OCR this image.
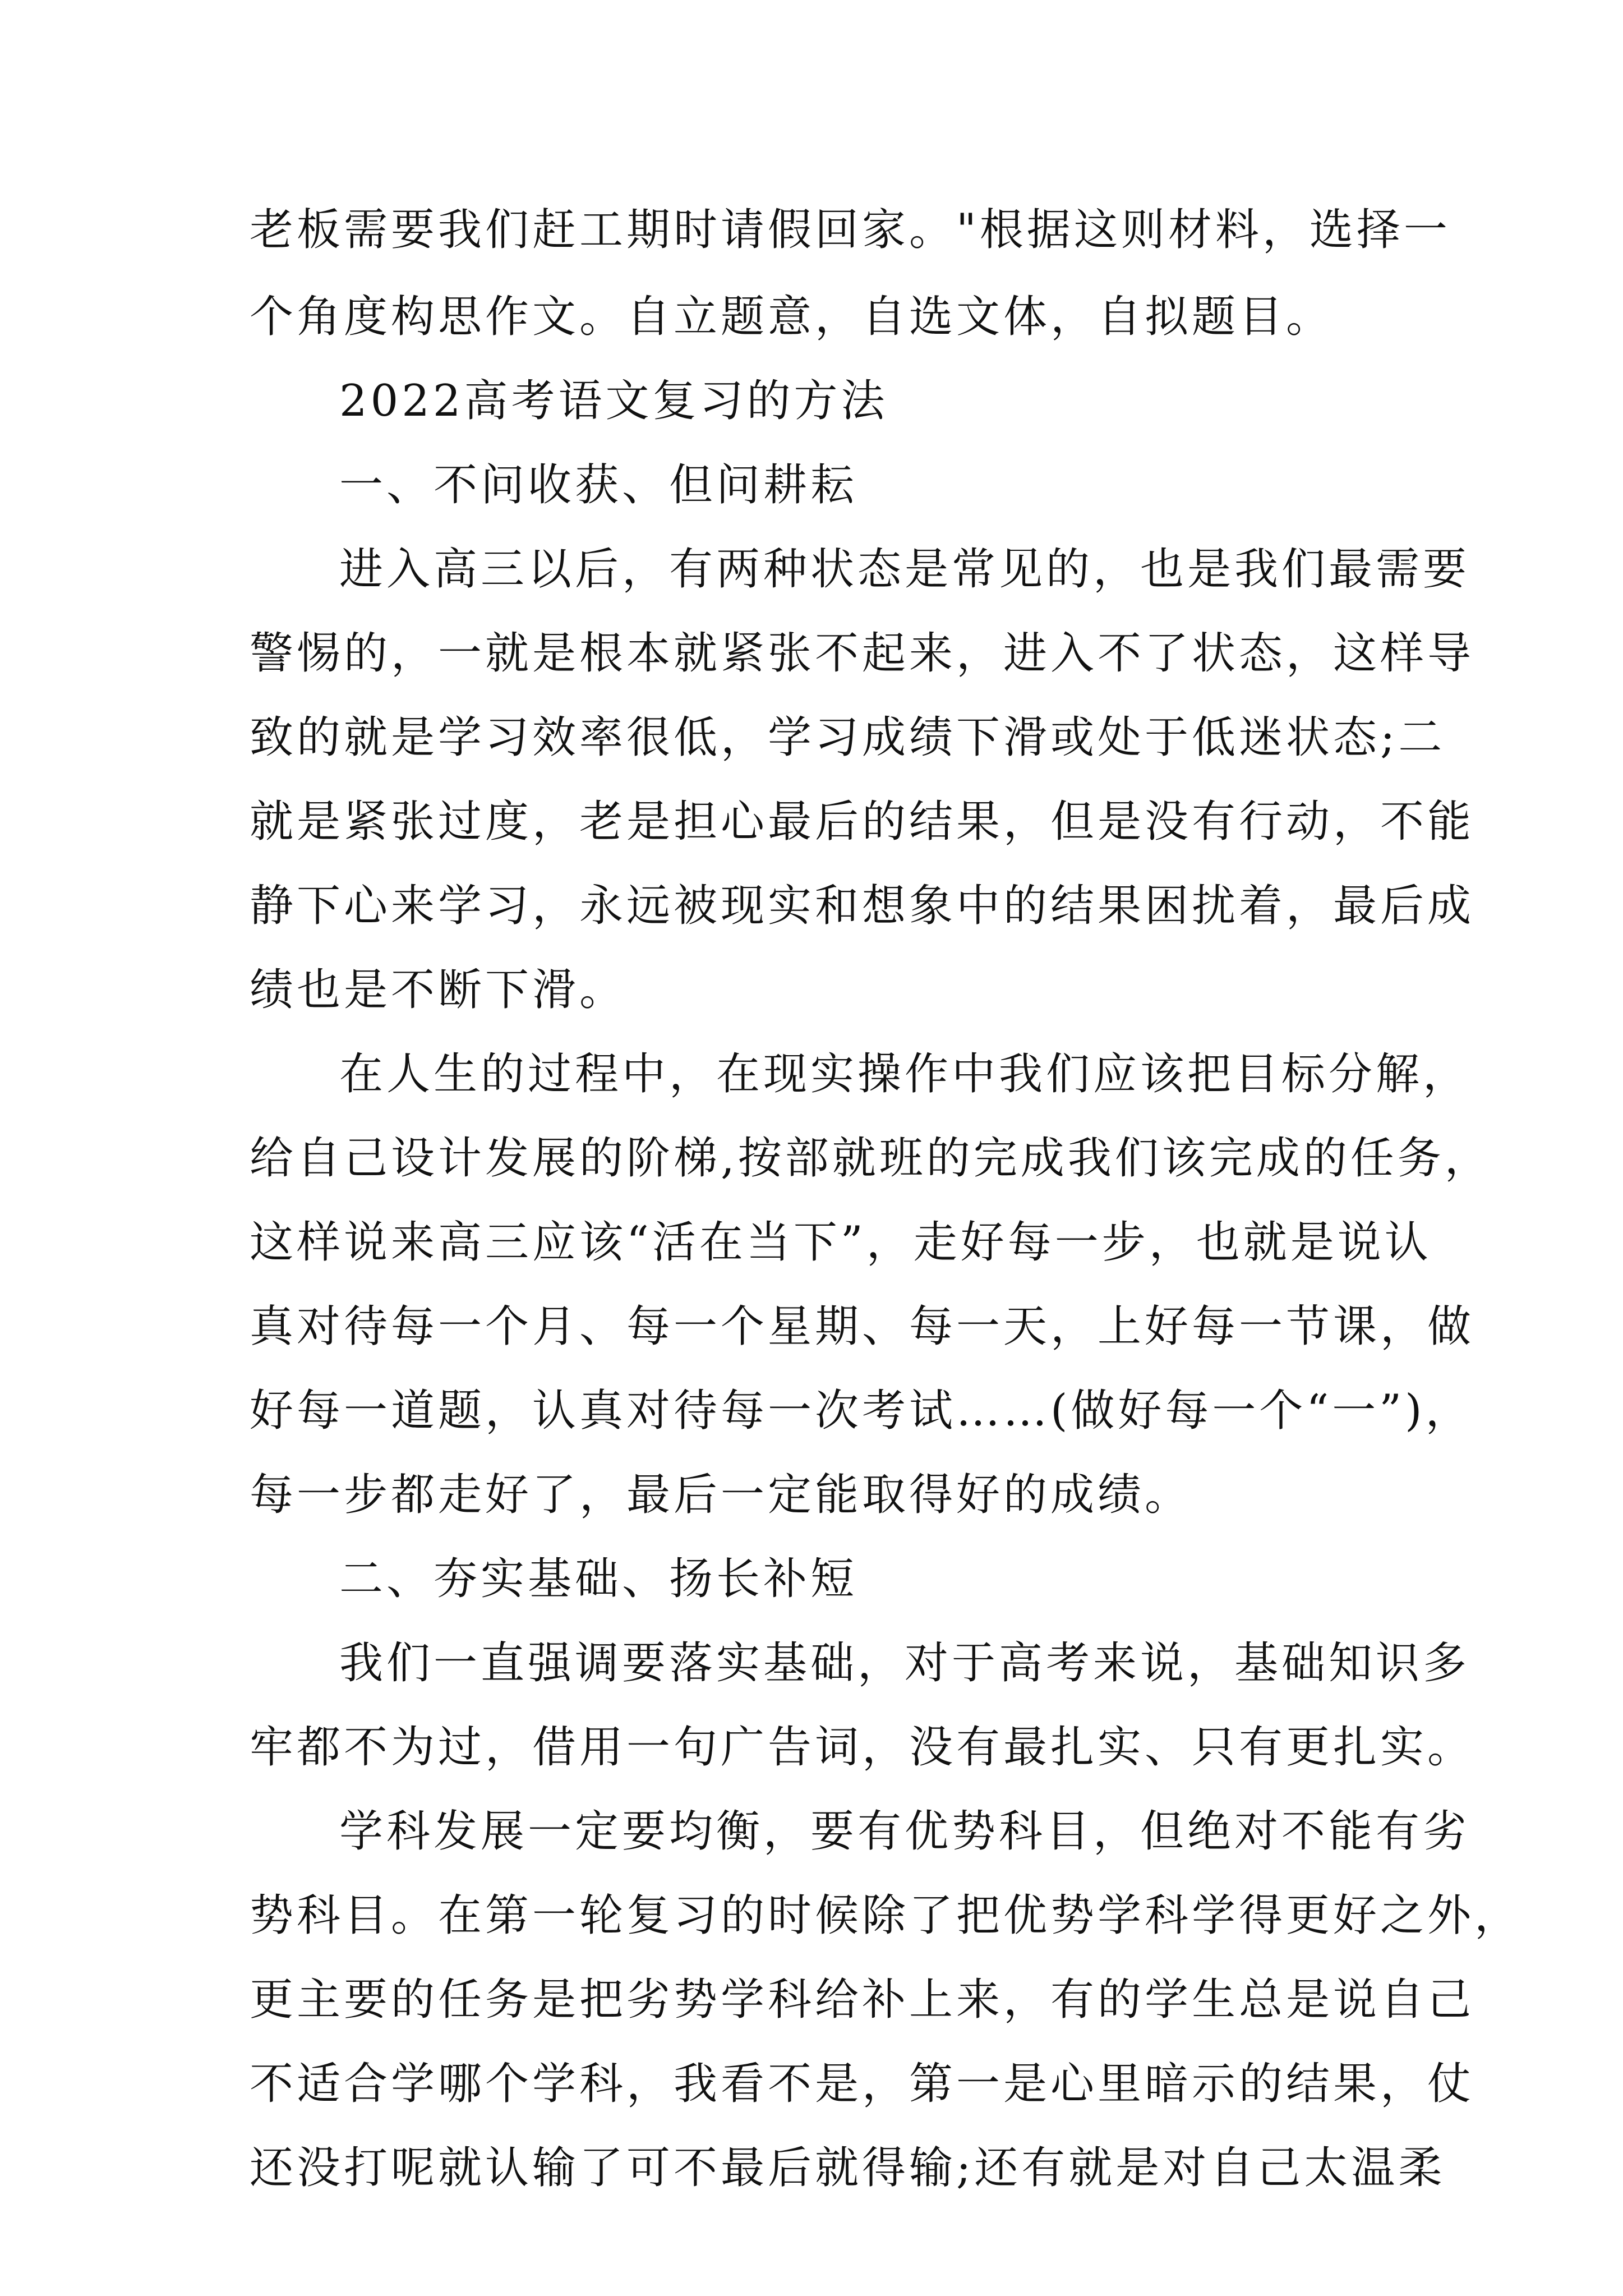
老板需要我们赶工期时请假回家。"根据这则材料，选择一
个角度构思作文。自立题意，自选文体，自拟题目。
2022高考语文复习的方法
一、不问收获、但问耕耘
进入高三以后，有两种状态是常见的，也是我们最需要
警惕的，一就是根本就紧张不起来，进入不了状态，这样导
致的就是学习效率很低，学习成绩下滑或处于低迷状态;二
就是紧张过度，老是担心最后的结果，但是没有行动，不能
静下心来学习，永远被现实和想象中的结果困扰着，最后成
绩也是不断下滑。
在人生的过程中，在现实操作中我们应该把目标分解，
给自己设计发展的阶梯,按部就班的完成我们该完成的任务，
这样说来高三应该“活在当下”，走好每一步，也就是说认
真对待每一个月、每一个星期、每一天，上好每一节课，做
好每一道题，认真对待每一次考试……(做好每一个“一”)，
每一步都走好了，最后一定能取得好的成绩。
二、夯实基础、扬长补短
我们一直强调要落实基础，对于高考来说，基础知识多
牢都不为过，借用一句广告词，没有最扎实、只有更扎实。
学科发展一定要均衡，要有优势科目，但绝对不能有劣
势科目。在第一轮复习的时候除了把优势学科学得更好之外，
更主要的任务是把劣势学科给补上来，有的学生总是说自己
不适合学哪个学科，我看不是，第一是心里暗示的结果，仗
还没打呢就认输了可不最后就得输;还有就是对自己太温柔
